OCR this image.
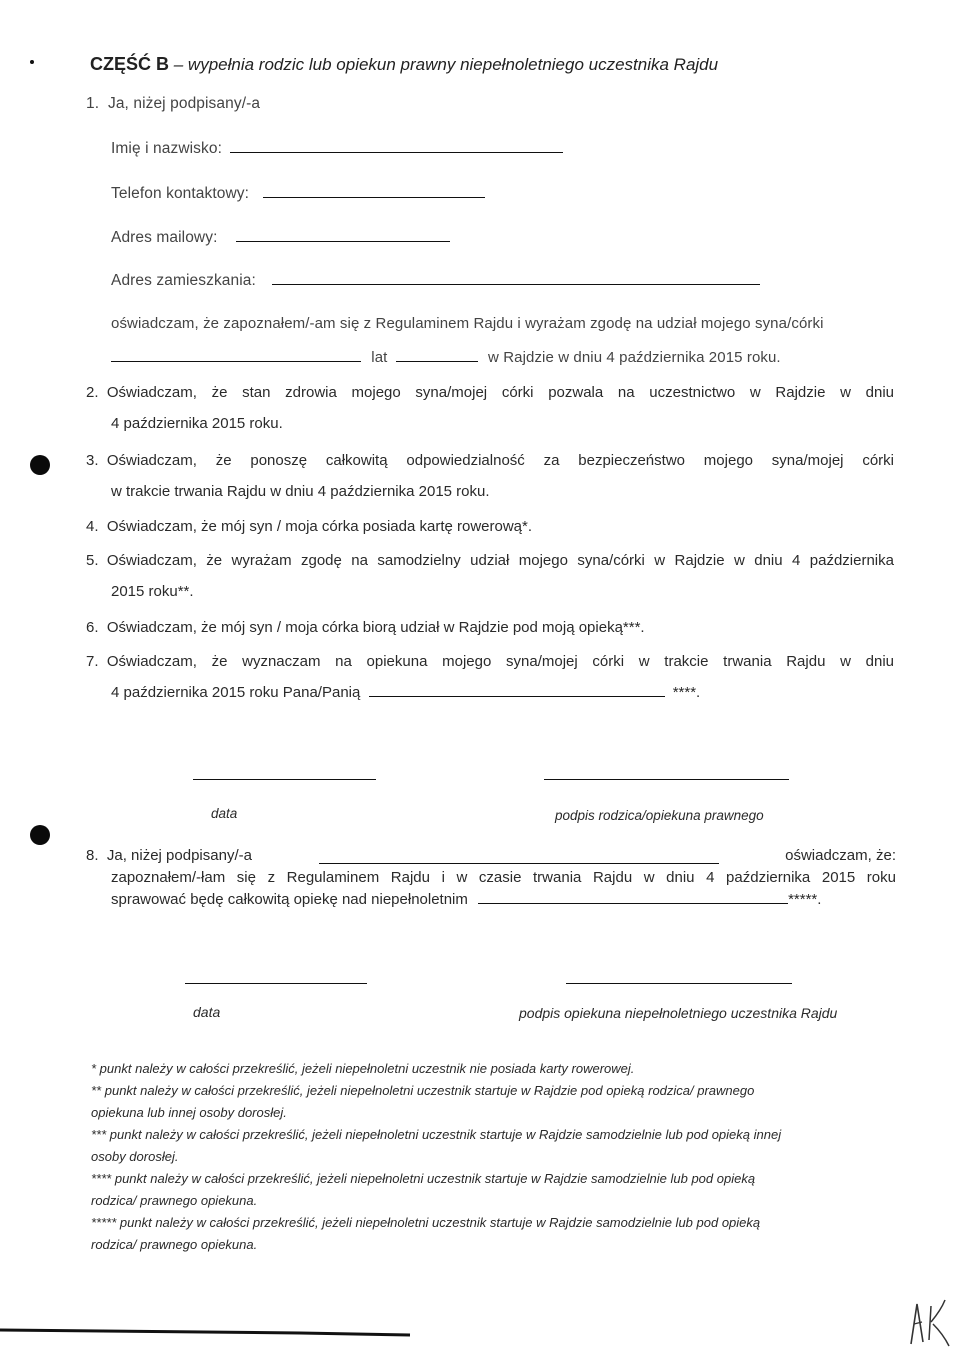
CZĘŚĆ B – wypełnia rodzic lub opiekun prawny niepełnoletniego uczestnika Rajdu
1. Ja, niżej podpisany/-a
Imię i nazwisko:
Telefon kontaktowy:
Adres mailowy:
Adres zamieszkania:
oświadczam, że zapoznałem/-am się z Regulaminem Rajdu i wyrażam zgodę na udział mojego syna/córki
lat	w Rajdzie w dniu 4 października 2015 roku.
2. Oświadczam, że stan zdrowia mojego syna/mojej córki pozwala na uczestnictwo w Rajdzie w dniu
4 października 2015 roku.
3. Oświadczam, że ponoszę całkowitą odpowiedzialność za bezpieczeństwo mojego syna/mojej córki
w trakcie trwania Rajdu w dniu 4 października 2015 roku.
4. Oświadczam, że mój syn / moja córka posiada kartę rowerową*.
5. Oświadczam, że wyrażam zgodę na samodzielny udział mojego syna/córki w Rajdzie w dniu 4 października
2015 roku**.
6. Oświadczam, że mój syn / moja córka biorą udział w Rajdzie pod moją opieką***.
7. Oświadczam, że wyznaczam na opiekuna mojego syna/mojej córki w trakcie trwania Rajdu w dniu
4 października 2015 roku Pana/Panią	****.
data	podpis rodzica/opiekuna prawnego
8. Ja, niżej podpisany/-a	oświadczam, że:
zapoznałem/-łam się z Regulaminem Rajdu i w czasie trwania Rajdu w dniu 4 października 2015 roku
sprawować będę całkowitą opiekę nad niepełnoletnim	*****.
data	podpis opiekuna niepełnoletniego uczestnika Rajdu
* punkt należy w całości przekreślić, jeżeli niepełnoletni uczestnik nie posiada karty rowerowej.
** punkt należy w całości przekreślić, jeżeli niepełnoletni uczestnik startuje w Rajdzie pod opieką rodzica/ prawnego
opiekuna lub innej osoby dorosłej.
*** punkt należy w całości przekreślić, jeżeli niepełnoletni uczestnik startuje w Rajdzie samodzielnie lub pod opieką innej
osoby dorosłej.
**** punkt należy w całości przekreślić, jeżeli niepełnoletni uczestnik startuje w Rajdzie samodzielnie lub pod opieką
rodzica/ prawnego opiekuna.
***** punkt należy w całości przekreślić, jeżeli niepełnoletni uczestnik startuje w Rajdzie samodzielnie lub pod opieką
rodzica/ prawnego opiekuna.
